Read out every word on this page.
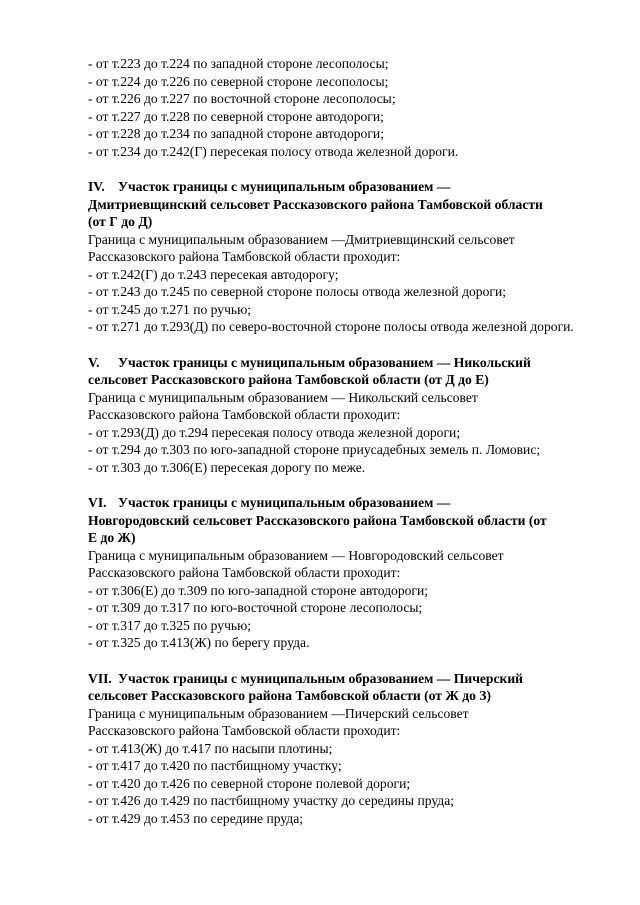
- от т.223 до т.224 по западной стороне лесополосы;
- от т.224 до т.226 по северной стороне лесополосы;
- от т.226 до т.227 по восточной стороне лесополосы;
- от т.227 до т.228 по северной стороне автодороги;
- от т.228 до т.234 по западной стороне автодороги;
- от т.234 до т.242(Г) пересекая полосу отвода железной дороги.
IV. Участок границы с муниципальным образованием —
Дмитриевщинский сельсовет Рассказовского района Тамбовской области
(от Г до Д)
Граница с муниципальным образованием —Дмитриевщинский сельсовет
Рассказовского района Тамбовской области проходит:
- от т.242(Г) до т.243 пересекая автодорогу;
- от т.243 до т.245 по северной стороне полосы отвода железной дороги;
- от т.245 до т.271 по ручью;
- от т.271 до т.293(Д) по северо-восточной стороне полосы отвода железной дороги.
V. Участок границы с муниципальным образованием — Никольский
сельсовет Рассказовского района Тамбовской области (от Д до Е)
Граница с муниципальным образованием — Никольский сельсовет
Рассказовского района Тамбовской области проходит:
- от т.293(Д) до т.294 пересекая полосу отвода железной дороги;
- от т.294 до т.303 по юго-западной стороне приусадебных земель п. Ломовис;
- от т.303 до т.306(Е) пересекая дорогу по меже.
VI. Участок границы с муниципальным образованием —
Новгородовский сельсовет Рассказовского района Тамбовской области (от
Е до Ж)
Граница с муниципальным образованием — Новгородовский сельсовет
Рассказовского района Тамбовской области проходит:
- от т.306(Е) до т.309 по юго-западной стороне автодороги;
- от т.309 до т.317 по юго-восточной стороне лесополосы;
- от т.317 до т.325 по ручью;
- от т.325 до т.413(Ж) по берегу пруда.
VII. Участок границы с муниципальным образованием — Пичерский
сельсовет Рассказовского района Тамбовской области (от Ж до З)
Граница с муниципальным образованием —Пичерский сельсовет
Рассказовского района Тамбовской области проходит:
- от т.413(Ж) до т.417 по насыпи плотины;
- от т.417 до т.420 по пастбищному участку;
- от т.420 до т.426 по северной стороне полевой дороги;
- от т.426 до т.429 по пастбищному участку до середины пруда;
- от т.429 до т.453 по середине пруда;
